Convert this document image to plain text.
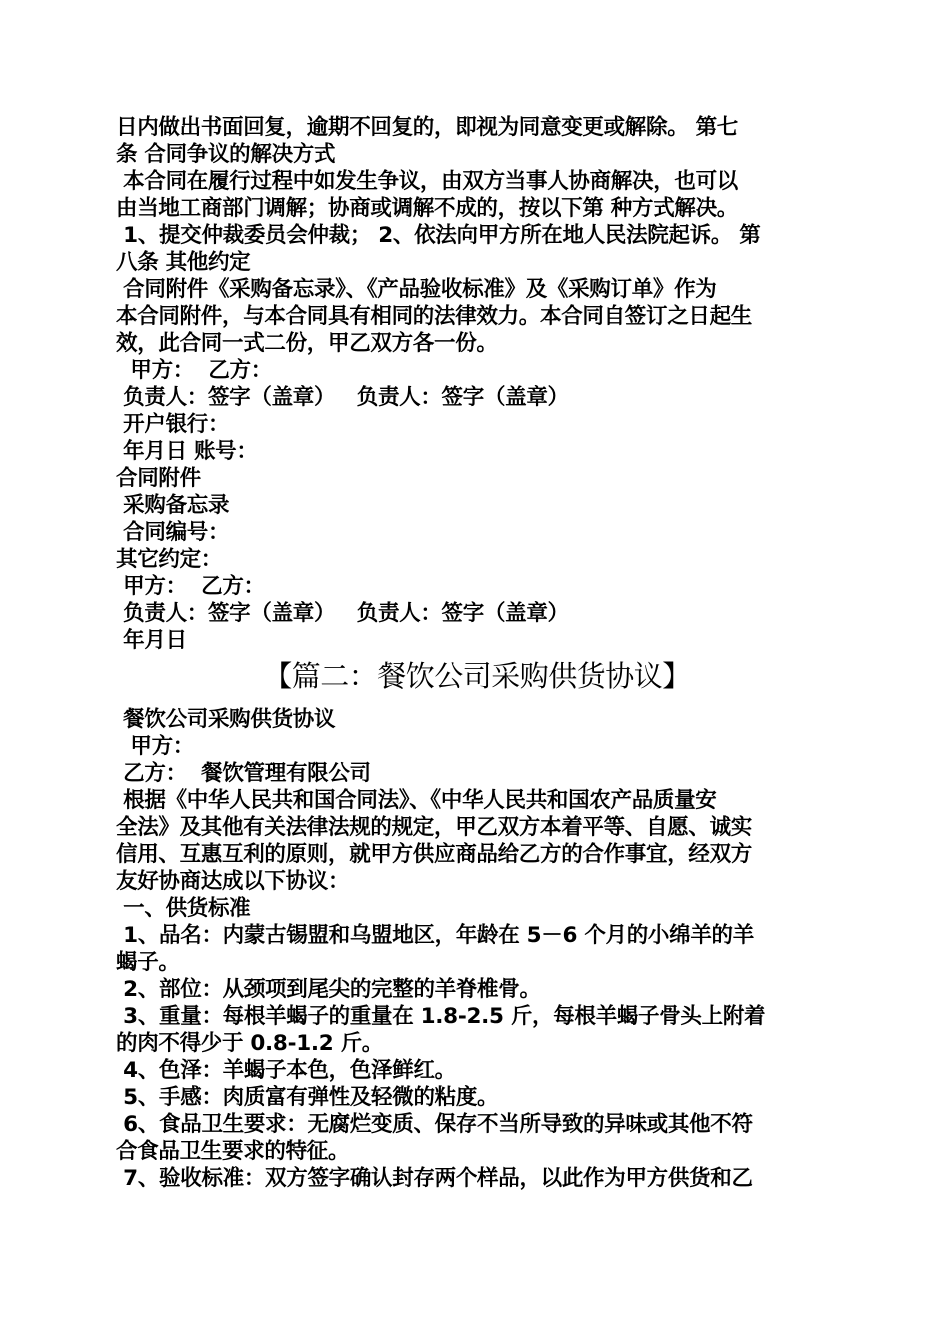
日内做出书面回复，逾期不回复的，即视为同意变更或解除。 第七
条 合同争议的解决方式
本合同在履行过程中如发生争议，由双方当事人协商解决，也可以
由当地工商部门调解；协商或调解不成的，按以下第 种方式解决。
1、提交仲裁委员会仲裁； 2、依法向甲方所在地人民法院起诉。 第
八条 其他约定
合同附件《采购备忘录》、《产品验收标准》及《采购订单》作为
本合同附件，与本合同具有相同的法律效力。本合同自签订之日起生
效，此合同一式二份，甲乙双方各一份。
甲方：  乙方：
负责人：签字（盖章）   负责人：签字（盖章）
开户银行：
年月日 账号：
合同附件
采购备忘录
合同编号：
其它约定：
甲方：  乙方：
负责人：签字（盖章）   负责人：签字（盖章）
年月日
【篇二：餐饮公司采购供货协议】
餐饮公司采购供货协议
甲方：
乙方：  餐饮管理有限公司
根据《中华人民共和国合同法》、《中华人民共和国农产品质量安
全法》及其他有关法律法规的规定，甲乙双方本着平等、自愿、诚实
信用、互惠互利的原则，就甲方供应商品给乙方的合作事宜，经双方
友好协商达成以下协议：
一、供货标准
1、品名：内蒙古锡盟和乌盟地区，年龄在 5－6 个月的小绵羊的羊
蝎子。
2、部位：从颈项到尾尖的完整的羊脊椎骨。
3、重量：每根羊蝎子的重量在 1.8-2.5 斤，每根羊蝎子骨头上附着
的肉不得少于 0.8-1.2 斤。
4、色泽：羊蝎子本色，色泽鲜红。
5、手感：肉质富有弹性及轻微的粘度。
6、食品卫生要求：无腐烂变质、保存不当所导致的异味或其他不符
合食品卫生要求的特征。
7、验收标准：双方签字确认封存两个样品，以此作为甲方供货和乙
